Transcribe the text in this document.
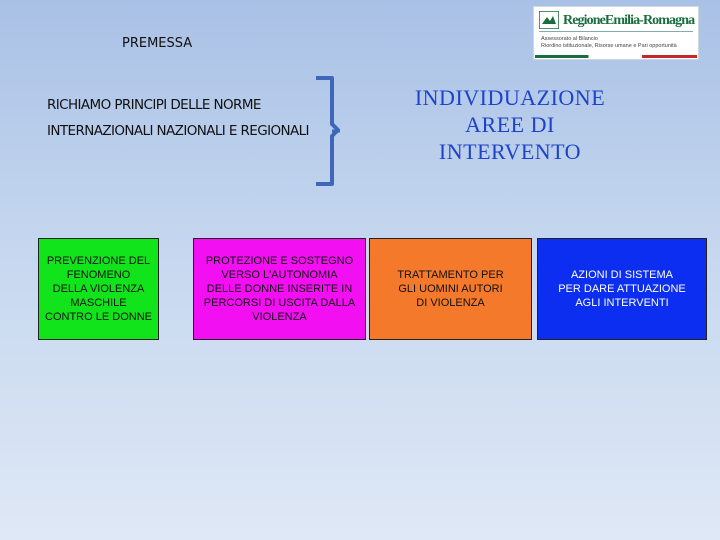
PREMESSA
RICHIAMO PRINCIPI DELLE NORME INTERNAZIONALI NAZIONALI E REGIONALI
INDIVIDUAZIONE
AREE DI
INTERVENTO
RegioneEmilia-Romagna
Assessorato al Bilancio
Riordino istituzionale, Risorse umane e Pari opportunità
PREVENZIONE DEL
FENOMENO
DELLA VIOLENZA
MASCHILE
CONTRO LE DONNE
PROTEZIONE E SOSTEGNO
VERSO L'AUTONOMIA
DELLE DONNE INSERITE IN
PERCORSI DI USCITA DALLA
VIOLENZA
TRATTAMENTO PER
GLI UOMINI AUTORI
DI VIOLENZA
AZIONI DI SISTEMA
PER DARE ATTUAZIONE
AGLI INTERVENTI
